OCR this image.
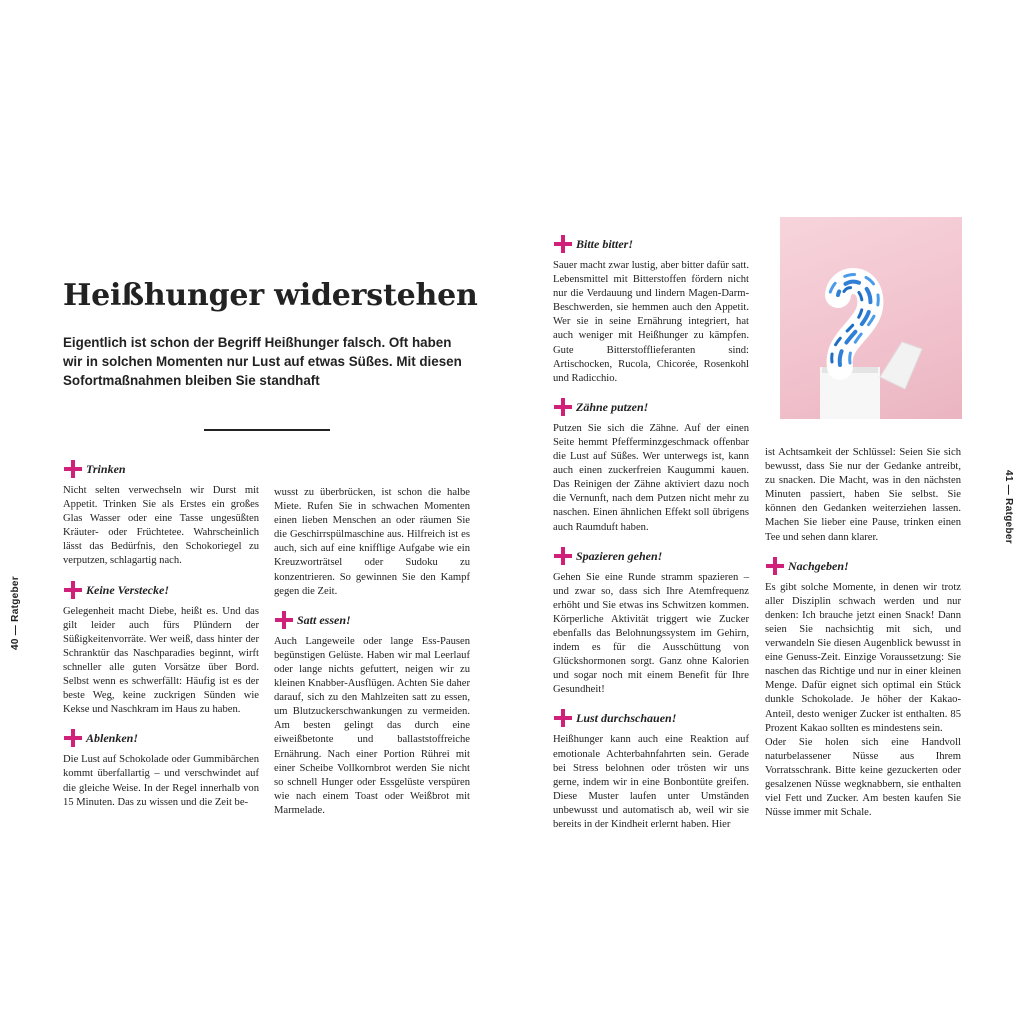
40 — Ratgeber
41 — Ratgeber
Heißhunger widerstehen

Eigentlich ist schon der Begriff Heißhunger falsch. Oft haben wir in solchen Momenten nur Lust auf etwas Süßes. Mit diesen Sofortmaßnahmen bleiben Sie standhaft

Trinken

Nicht selten verwechseln wir Durst mit Appetit. Trinken Sie als Erstes ein großes Glas Wasser oder eine Tasse ungesüßten Kräuter- oder Früchtetee. Wahrscheinlich lässt das Bedürfnis, den Schokoriegel zu verputzen, schlagartig nach.

Keine Verstecke!

Gelegenheit macht Diebe, heißt es. Und das gilt leider auch fürs Plündern der Süßigkeitenvorräte. Wer weiß, dass hinter der Schranktür das Naschparadies beginnt, wirft schneller alle guten Vorsätze über Bord. Selbst wenn es schwerfällt: Häufig ist es der beste Weg, keine zuckrigen Sünden wie Kekse und Naschkram im Haus zu haben.

Ablenken!

Die Lust auf Schokolade oder Gummibärchen kommt überfallartig – und verschwindet auf die gleiche Weise. In der Regel innerhalb von 15 Minuten. Das zu wissen und die Zeit be-

wusst zu überbrücken, ist schon die halbe Miete. Rufen Sie in schwachen Momenten einen lieben Menschen an oder räumen Sie die Geschirrspülmaschine aus. Hilfreich ist es auch, sich auf eine knifflige Aufgabe wie ein Kreuzworträtsel oder Sudoku zu konzentrieren. So gewinnen Sie den Kampf gegen die Zeit.

Satt essen!

Auch Langeweile oder lange Ess-Pausen begünstigen Gelüste. Haben wir mal Leerlauf oder lange nichts gefuttert, neigen wir zu kleinen Knabber-Ausflügen. Achten Sie daher darauf, sich zu den Mahlzeiten satt zu essen, um Blutzuckerschwankungen zu vermeiden. Am besten gelingt das durch eine eiweißbetonte und ballaststoffreiche Ernährung. Nach einer Portion Rührei mit einer Scheibe Vollkornbrot werden Sie nicht so schnell Hunger oder Essgelüste verspüren wie nach einem Toast oder Weißbrot mit Marmelade.

Bitte bitter!

Sauer macht zwar lustig, aber bitter dafür satt. Lebensmittel mit Bitterstoffen fördern nicht nur die Verdauung und lindern Magen-Darm-Beschwerden, sie hemmen auch den Appetit. Wer sie in seine Ernährung integriert, hat auch weniger mit Heißhunger zu kämpfen. Gute Bitterstofflieferanten sind: Artischocken, Rucola, Chicorée, Rosenkohl und Radicchio.

Zähne putzen!

Putzen Sie sich die Zähne. Auf der einen Seite hemmt Pfefferminzgeschmack offenbar die Lust auf Süßes. Wer unterwegs ist, kann auch einen zuckerfreien Kaugummi kauen. Das Reinigen der Zähne aktiviert dazu noch die Vernunft, nach dem Putzen nicht mehr zu naschen. Einen ähnlichen Effekt soll übrigens auch Raumduft haben.

Spazieren gehen!

Gehen Sie eine Runde stramm spazieren – und zwar so, dass sich Ihre Atemfrequenz erhöht und Sie etwas ins Schwitzen kommen. Körperliche Aktivität triggert wie Zucker ebenfalls das Belohnungssystem im Gehirn, indem es für die Ausschüttung von Glückshormonen sorgt. Ganz ohne Kalorien und sogar noch mit einem Benefit für Ihre Gesundheit!

Lust durchschauen!

Heißhunger kann auch eine Reaktion auf emotionale Achterbahnfahrten sein. Gerade bei Stress belohnen oder trösten wir uns gerne, indem wir in eine Bonbontüte greifen. Diese Muster laufen unter Umständen unbewusst und automatisch ab, weil wir sie bereits in der Kindheit erlernt haben. Hier

ist Achtsamkeit der Schlüssel: Seien Sie sich bewusst, dass Sie nur der Gedanke antreibt, zu snacken. Die Macht, was in den nächsten Minuten passiert, haben Sie selbst. Sie können den Gedanken weiterziehen lassen. Machen Sie lieber eine Pause, trinken einen Tee und sehen dann klarer.

Nachgeben!

Es gibt solche Momente, in denen wir trotz aller Disziplin schwach werden und nur denken: Ich brauche jetzt einen Snack! Dann seien Sie nachsichtig mit sich, und verwandeln Sie diesen Augenblick bewusst in eine Genuss-Zeit. Einzige Voraussetzung: Sie naschen das Richtige und nur in einer kleinen Menge. Dafür eignet sich optimal ein Stück dunkle Schokolade. Je höher der Kakao-Anteil, desto weniger Zucker ist enthalten. 85 Prozent Kakao sollten es mindestens sein.

Oder Sie holen sich eine Handvoll naturbelassener Nüsse aus Ihrem Vorratsschrank. Bitte keine gezuckerten oder gesalzenen Nüsse wegknabbern, sie enthalten viel Fett und Zucker. Am besten kaufen Sie Nüsse immer mit Schale.
